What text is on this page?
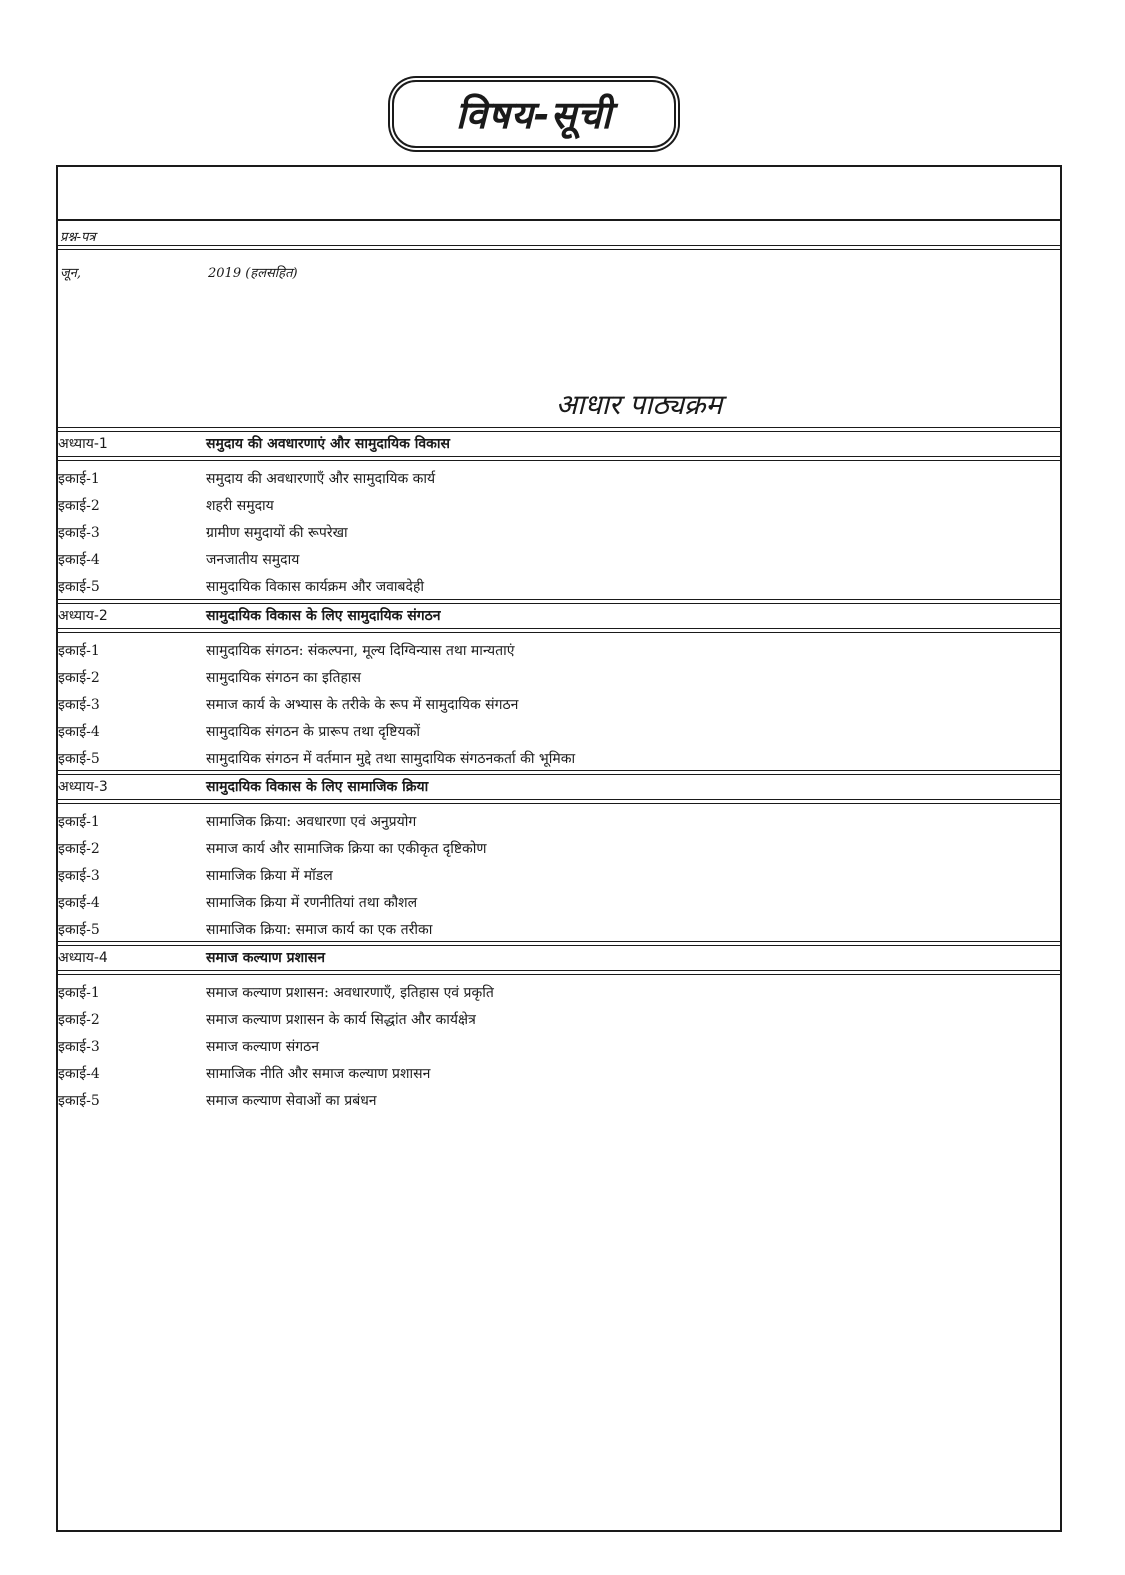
विषय-सूची
प्रश्न-पत्र
जून,	2019 (हलसहित)
आधार पाठ्यक्रम
अध्याय-1	समुदाय की अवधारणाएं और सामुदायिक विकास
इकाई-1	समुदाय की अवधारणाएँ और सामुदायिक कार्य
इकाई-2	शहरी समुदाय
इकाई-3	ग्रामीण समुदायों की रूपरेखा
इकाई-4	जनजातीय समुदाय
इकाई-5	सामुदायिक विकास कार्यक्रम और जवाबदेही
अध्याय-2	सामुदायिक विकास के लिए सामुदायिक संगठन
इकाई-1	सामुदायिक संगठन: संकल्पना, मूल्य दिग्विन्यास तथा मान्यताएं
इकाई-2	सामुदायिक संगठन का इतिहास
इकाई-3	समाज कार्य के अभ्यास के तरीके के रूप में सामुदायिक संगठन
इकाई-4	सामुदायिक संगठन के प्रारूप तथा दृष्टियकों
इकाई-5	सामुदायिक संगठन में वर्तमान मुद्दे तथा सामुदायिक संगठनकर्ता की भूमिका
अध्याय-3	सामुदायिक विकास के लिए सामाजिक क्रिया
इकाई-1	सामाजिक क्रिया: अवधारणा एवं अनुप्रयोग
इकाई-2	समाज कार्य और सामाजिक क्रिया का एकीकृत दृष्टिकोण
इकाई-3	सामाजिक क्रिया में मॉडल
इकाई-4	सामाजिक क्रिया में रणनीतियां तथा कौशल
इकाई-5	सामाजिक क्रिया: समाज कार्य का एक तरीका
अध्याय-4	समाज कल्याण प्रशासन
इकाई-1	समाज कल्याण प्रशासन: अवधारणाएँ, इतिहास एवं प्रकृति
इकाई-2	समाज कल्याण प्रशासन के कार्य सिद्धांत और कार्यक्षेत्र
इकाई-3	समाज कल्याण संगठन
इकाई-4	सामाजिक नीति और समाज कल्याण प्रशासन
इकाई-5	समाज कल्याण सेवाओं का प्रबंधन
